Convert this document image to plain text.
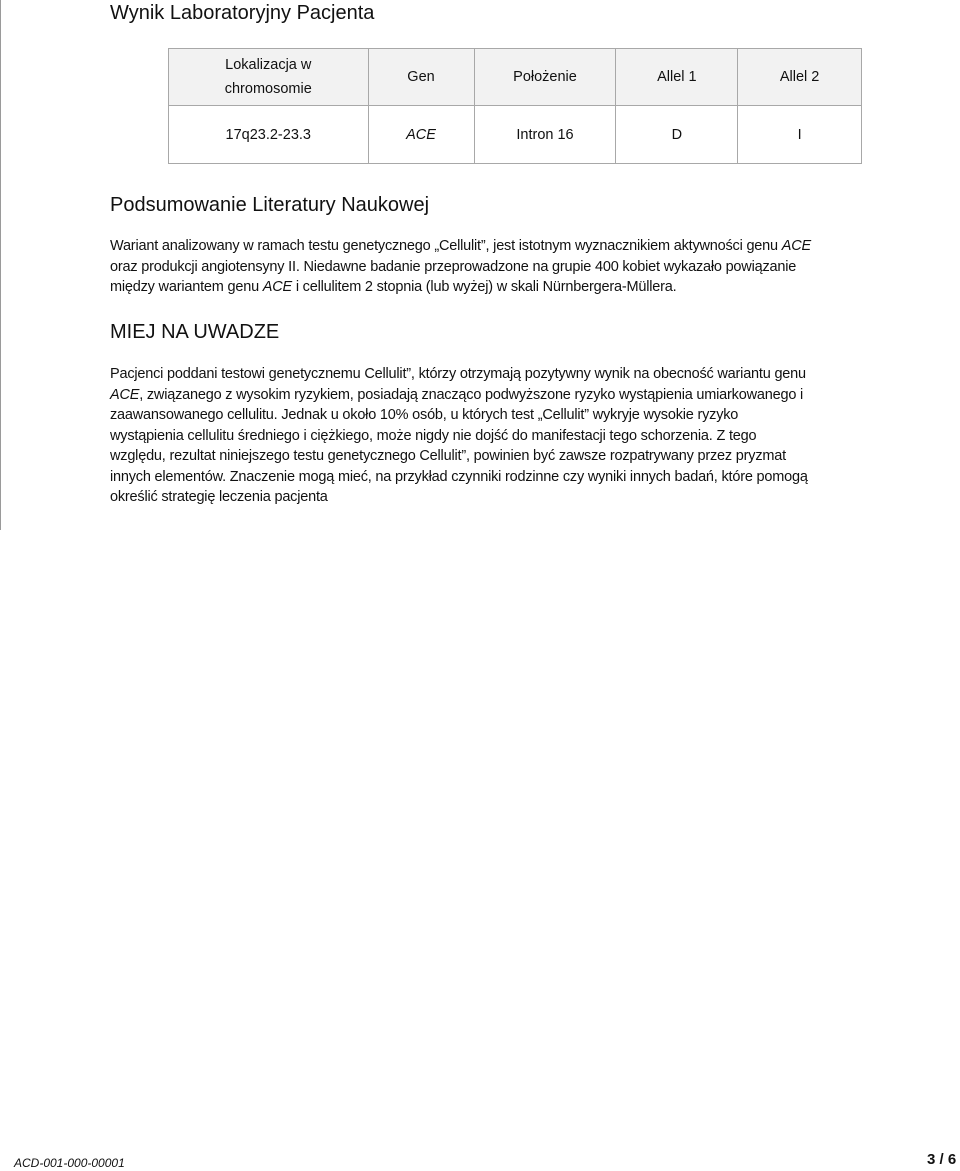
Wynik Laboratoryjny Pacjenta
Lokalizacja w
chromosomie	Gen	Położenie	Allel 1	Allel 2
17q23.2-23.3	ACE	Intron 16	D	I
Podsumowanie Literatury Naukowej

Wariant analizowany w ramach testu genetycznego „Cellulit”, jest istotnym wyznacznikiem aktywności genu ACE
oraz produkcji angiotensyny II. Niedawne badanie przeprowadzone na grupie 400 kobiet wykazało powiązanie
między wariantem genu ACE i cellulitem 2 stopnia (lub wyżej) w skali Nürnbergera-Müllera.

MIEJ NA UWADZE

Pacjenci poddani testowi genetycznemu Cellulit”, którzy otrzymają pozytywny wynik na obecność wariantu genu
ACE, związanego z wysokim ryzykiem, posiadają znacząco podwyższone ryzyko wystąpienia umiarkowanego i
zaawansowanego cellulitu. Jednak u około 10% osób, u których test „Cellulit” wykryje wysokie ryzyko
wystąpienia cellulitu średniego i ciężkiego, może nigdy nie dojść do manifestacji tego schorzenia. Z tego
względu, rezultat niniejszego testu genetycznego Cellulit”, powinien być zawsze rozpatrywany przez pryzmat
innych elementów. Znaczenie mogą mieć, na przykład czynniki rodzinne czy wyniki innych badań, które pomogą
określić strategię leczenia pacjenta

ACD-001-000-00001	3 / 6
